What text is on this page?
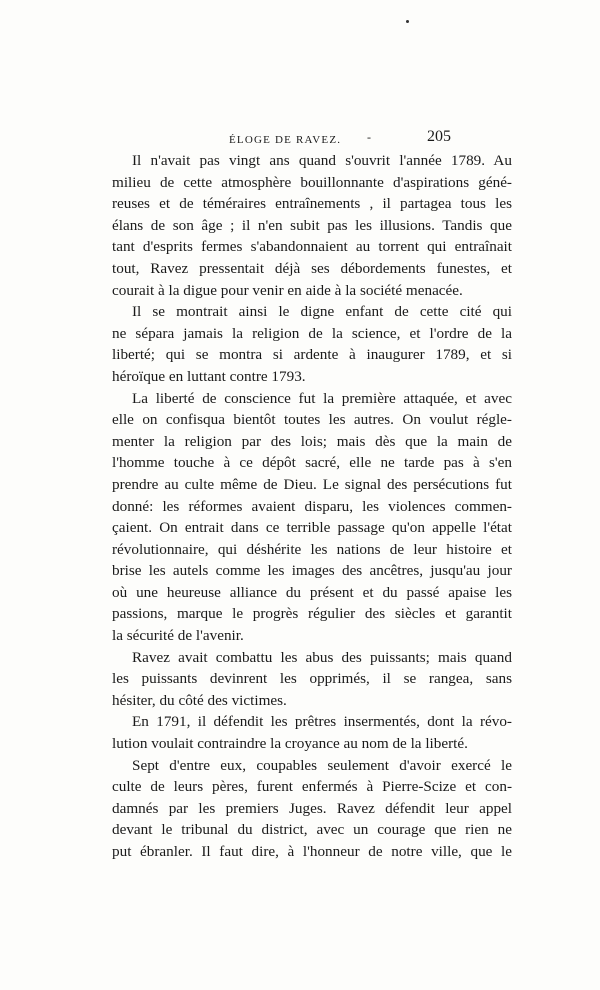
ÉLOGE DE RAVEZ. -	205
Il n'avait pas vingt ans quand s'ouvrit l'année 1789. Au
milieu de cette atmosphère bouillonnante d'aspirations géné-
reuses et de téméraires entraînements , il partagea tous les
élans de son âge ; il n'en subit pas les illusions. Tandis que
tant d'esprits fermes s'abandonnaient au torrent qui entraînait
tout, Ravez pressentait déjà ses débordements funestes, et
courait à la digue pour venir en aide à la société menacée.
Il se montrait ainsi le digne enfant de cette cité qui
ne sépara jamais la religion de la science, et l'ordre de la
liberté; qui se montra si ardente à inaugurer 1789, et si
héroïque en luttant contre 1793.
La liberté de conscience fut la première attaquée, et avec
elle on confisqua bientôt toutes les autres. On voulut régle-
menter la religion par des lois; mais dès que la main de
l'homme touche à ce dépôt sacré, elle ne tarde pas à s'en
prendre au culte même de Dieu. Le signal des persécutions fut
donné: les réformes avaient disparu, les violences commen-
çaient. On entrait dans ce terrible passage qu'on appelle l'état
révolutionnaire, qui déshérite les nations de leur histoire et
brise les autels comme les images des ancêtres, jusqu'au jour
où une heureuse alliance du présent et du passé apaise les
passions, marque le progrès régulier des siècles et garantit
la sécurité de l'avenir.
Ravez avait combattu les abus des puissants; mais quand
les puissants devinrent les opprimés, il se rangea, sans
hésiter, du côté des victimes.
En 1791, il défendit les prêtres insermentés, dont la révo-
lution voulait contraindre la croyance au nom de la liberté.
Sept d'entre eux, coupables seulement d'avoir exercé le
culte de leurs pères, furent enfermés à Pierre-Scize et con-
damnés par les premiers Juges. Ravez défendit leur appel
devant le tribunal du district, avec un courage que rien ne
put ébranler. Il faut dire, à l'honneur de notre ville, que le
